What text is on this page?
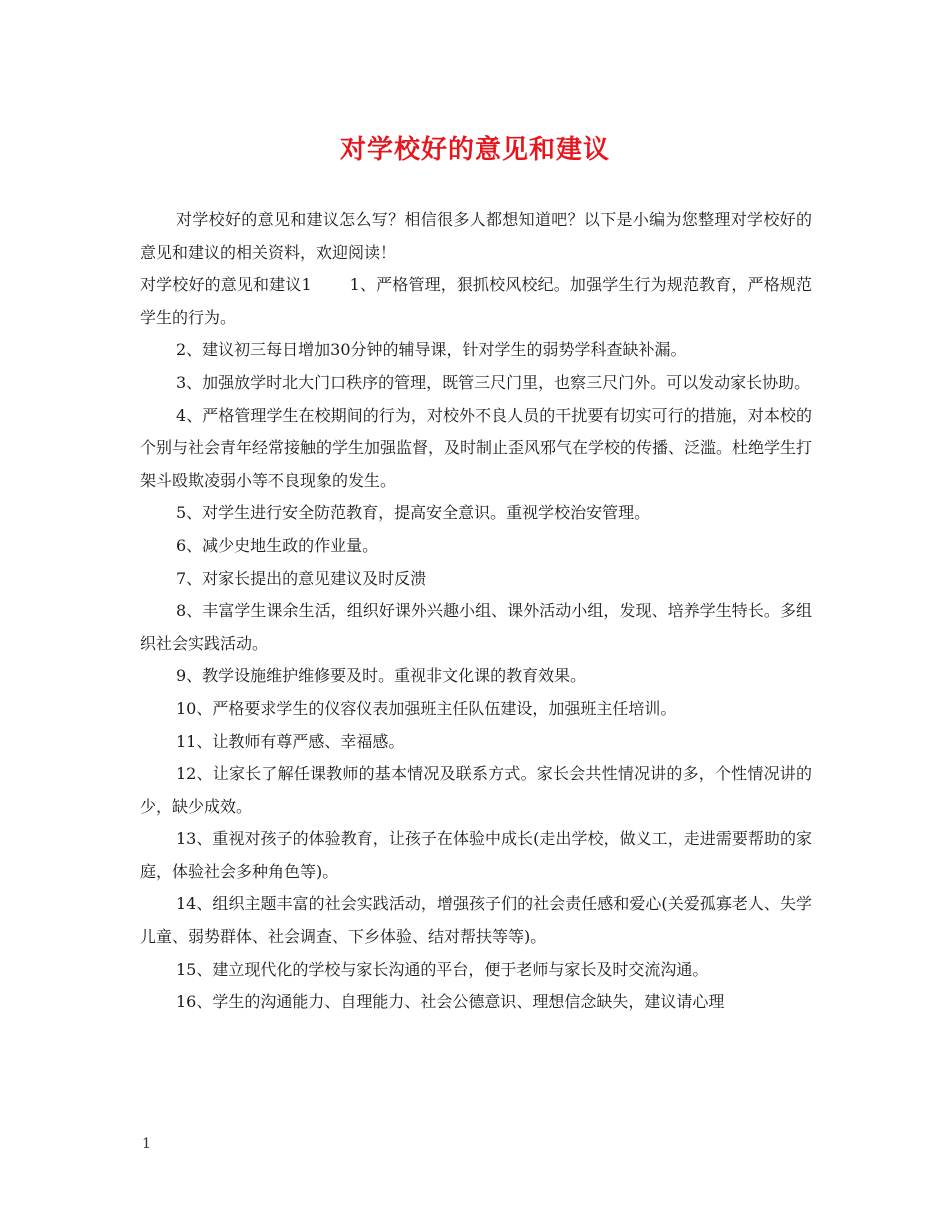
对学校好的意见和建议

对学校好的意见和建议怎么写？相信很多人都想知道吧？以下是小编为您整理对学校好的意见和建议的相关资料，欢迎阅读！

对学校好的意见和建议1 1、严格管理，狠抓校风校纪。加强学生行为规范教育，严格规范学生的行为。

2、建议初三每日增加30分钟的辅导课，针对学生的弱势学科查缺补漏。

3、加强放学时北大门口秩序的管理，既管三尺门里，也察三尺门外。可以发动家长协助。

4、严格管理学生在校期间的行为，对校外不良人员的干扰要有切实可行的措施，对本校的个别与社会青年经常接触的学生加强监督，及时制止歪风邪气在学校的传播、泛滥。杜绝学生打架斗殴欺凌弱小等不良现象的发生。

5、对学生进行安全防范教育，提高安全意识。重视学校治安管理。

6、减少史地生政的作业量。

7、对家长提出的意见建议及时反溃

8、丰富学生课余生活，组织好课外兴趣小组、课外活动小组，发现、培养学生特长。多组织社会实践活动。

9、教学设施维护维修要及时。重视非文化课的教育效果。

10、严格要求学生的仪容仪表加强班主任队伍建设，加强班主任培训。

11、让教师有尊严感、幸福感。

12、让家长了解任课教师的基本情况及联系方式。家长会共性情况讲的多，个性情况讲的少，缺少成效。

13、重视对孩子的体验教育，让孩子在体验中成长(走出学校，做义工，走进需要帮助的家庭，体验社会多种角色等)。

14、组织主题丰富的社会实践活动，增强孩子们的社会责任感和爱心(关爱孤寡老人、失学儿童、弱势群体、社会调查、下乡体验、结对帮扶等等)。

15、建立现代化的学校与家长沟通的平台，便于老师与家长及时交流沟通。

16、学生的沟通能力、自理能力、社会公德意识、理想信念缺失，建议请心理

1
